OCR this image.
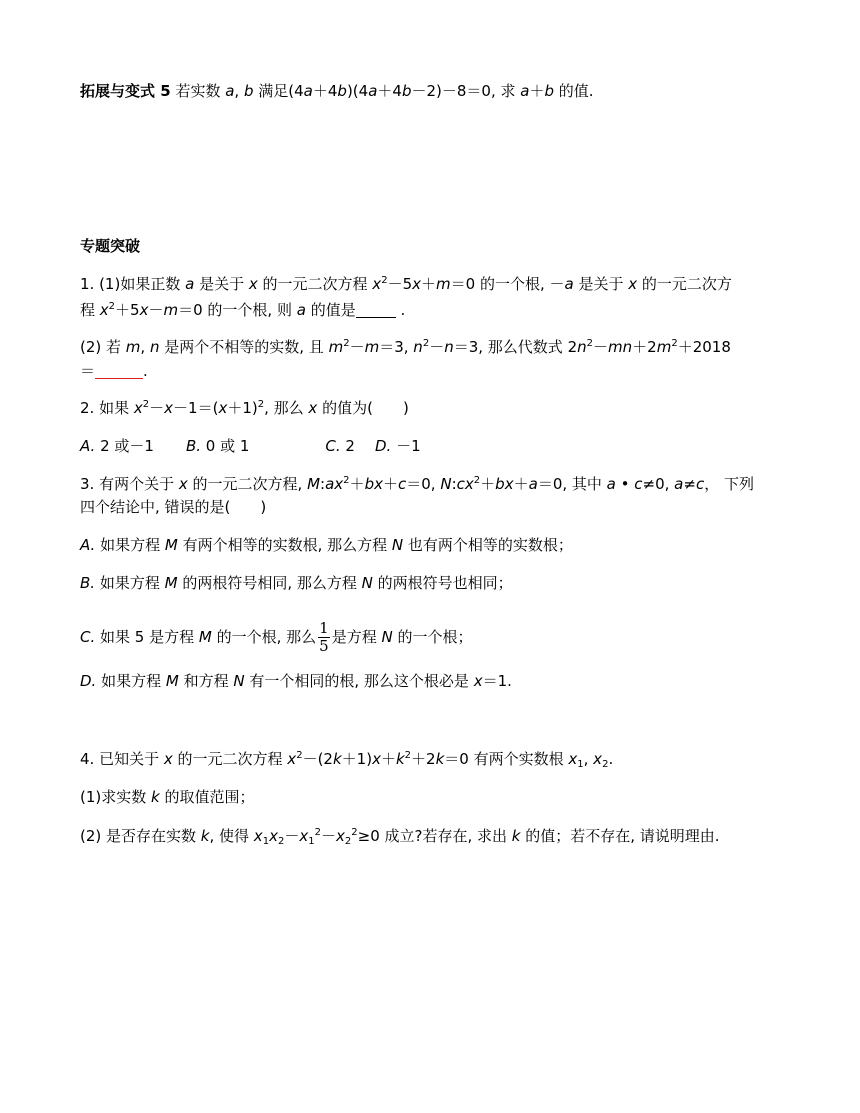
拓展与变式 5 若实数 a, b 满足(4a＋4b)(4a＋4b－2)－8＝0, 求 a＋b 的值.
专题突破
1. (1)如果正数 a 是关于 x 的一元二次方程 $x^2-5x+m=0$ 的一个根, －a 是关于 x 的一元二次方
程 $x^2+5x-m=0$ 的一个根, 则 a 的值是	.
(2) 若 m, n 是两个不相等的实数, 且 $m^2-m=3$, $n^2-n=3$, 那么代数式 $2n^2-mn+2m^2+2018$
＝	.
2. 如果 $x^2-x-1=(x+1)^2$, 那么 x 的值为( )
A. 2 或－1 B. 0 或 1	C. 2 D. －1
3. 有两个关于 x 的一元二次方程, $M:ax^2+bx+c=0$, $N:cx^2+bx+a=0$, 其中 a • c≠0, a≠c， 下列
四个结论中, 错误的是( )
A. 如果方程 M 有两个相等的实数根, 那么方程 N 也有两个相等的实数根；
B. 如果方程 M 的两根符号相同, 那么方程 N 的两根符号也相同；
C. 如果 5 是方程 M 的一个根, 那么 $\frac{1}{5}$ 是方程 N 的一个根；
D. 如果方程 M 和方程 N 有一个相同的根, 那么这个根必是 x＝1.
4. 已知关于 x 的一元二次方程 $x^2-(2k+1)x+k^2+2k=0$ 有两个实数根 $x_1$, $x_2$.
(1)求实数 k 的取值范围；
(2) 是否存在实数 k, 使得 $x_1x_2-x_1^2-x_2^2\ge 0$ 成立?若存在, 求出 k 的值；若不存在, 请说明理由.
